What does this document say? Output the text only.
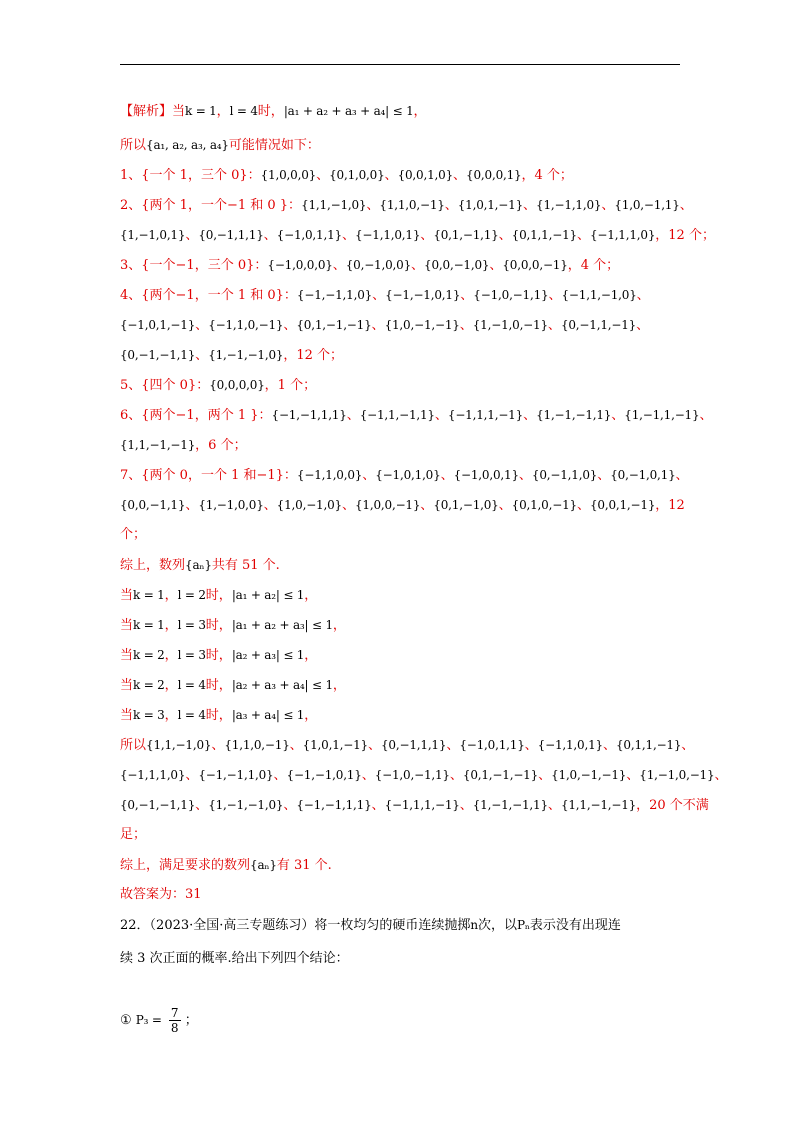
【解析】当k = 1，l = 4时，|a₁ + a₂ + a₃ + a₄| ≤ 1，
所以{a₁, a₂, a₃, a₄}可能情况如下：
1、{一个 1，三个 0}：{1,0,0,0}、{0,1,0,0}、{0,0,1,0}、{0,0,0,1}，4 个；
2、{两个 1，一个−1 和 0 }：{1,1,−1,0}、{1,1,0,−1}、{1,0,1,−1}、{1,−1,1,0}、{1,0,−1,1}、
{1,−1,0,1}、{0,−1,1,1}、{−1,0,1,1}、{−1,1,0,1}、{0,1,−1,1}、{0,1,1,−1}、{−1,1,1,0}，12 个；
3、{一个−1，三个 0}：{−1,0,0,0}、{0,−1,0,0}、{0,0,−1,0}、{0,0,0,−1}，4 个；
4、{两个−1，一个 1 和 0}：{−1,−1,1,0}、{−1,−1,0,1}、{−1,0,−1,1}、{−1,1,−1,0}、
{−1,0,1,−1}、{−1,1,0,−1}、{0,1,−1,−1}、{1,0,−1,−1}、{1,−1,0,−1}、{0,−1,1,−1}、
{0,−1,−1,1}、{1,−1,−1,0}，12 个；
5、{四个 0}：{0,0,0,0}，1 个；
6、{两个−1，两个 1 }：{−1,−1,1,1}、{−1,1,−1,1}、{−1,1,1,−1}、{1,−1,−1,1}、{1,−1,1,−1}、
{1,1,−1,−1}，6 个；
7、{两个 0，一个 1 和−1}：{−1,1,0,0}、{−1,0,1,0}、{−1,0,0,1}、{0,−1,1,0}、{0,−1,0,1}、
{0,0,−1,1}、{1,−1,0,0}、{1,0,−1,0}、{1,0,0,−1}、{0,1,−1,0}、{0,1,0,−1}、{0,0,1,−1}，12
个；
综上，数列{aₙ}共有 51 个.
当k = 1，l = 2时，|a₁ + a₂| ≤ 1，
当k = 1，l = 3时，|a₁ + a₂ + a₃| ≤ 1，
当k = 2，l = 3时，|a₂ + a₃| ≤ 1，
当k = 2，l = 4时，|a₂ + a₃ + a₄| ≤ 1，
当k = 3，l = 4时，|a₃ + a₄| ≤ 1，
所以{1,1,−1,0}、{1,1,0,−1}、{1,0,1,−1}、{0,−1,1,1}、{−1,0,1,1}、{−1,1,0,1}、{0,1,1,−1}、
{−1,1,1,0}、{−1,−1,1,0}、{−1,−1,0,1}、{−1,0,−1,1}、{0,1,−1,−1}、{1,0,−1,−1}、{1,−1,0,−1}、
{0,−1,−1,1}、{1,−1,−1,0}、{−1,−1,1,1}、{−1,1,1,−1}、{1,−1,−1,1}、{1,1,−1,−1}，20 个不满
足；
综上，满足要求的数列{aₙ}有 31 个.
故答案为：31
22．（2023·全国·高三专题练习）将一枚均匀的硬币连续抛掷n次，以Pₙ表示没有出现连
续 3 次正面的概率.给出下列四个结论：
① $P_3 = \frac{7}{8}$ ；
